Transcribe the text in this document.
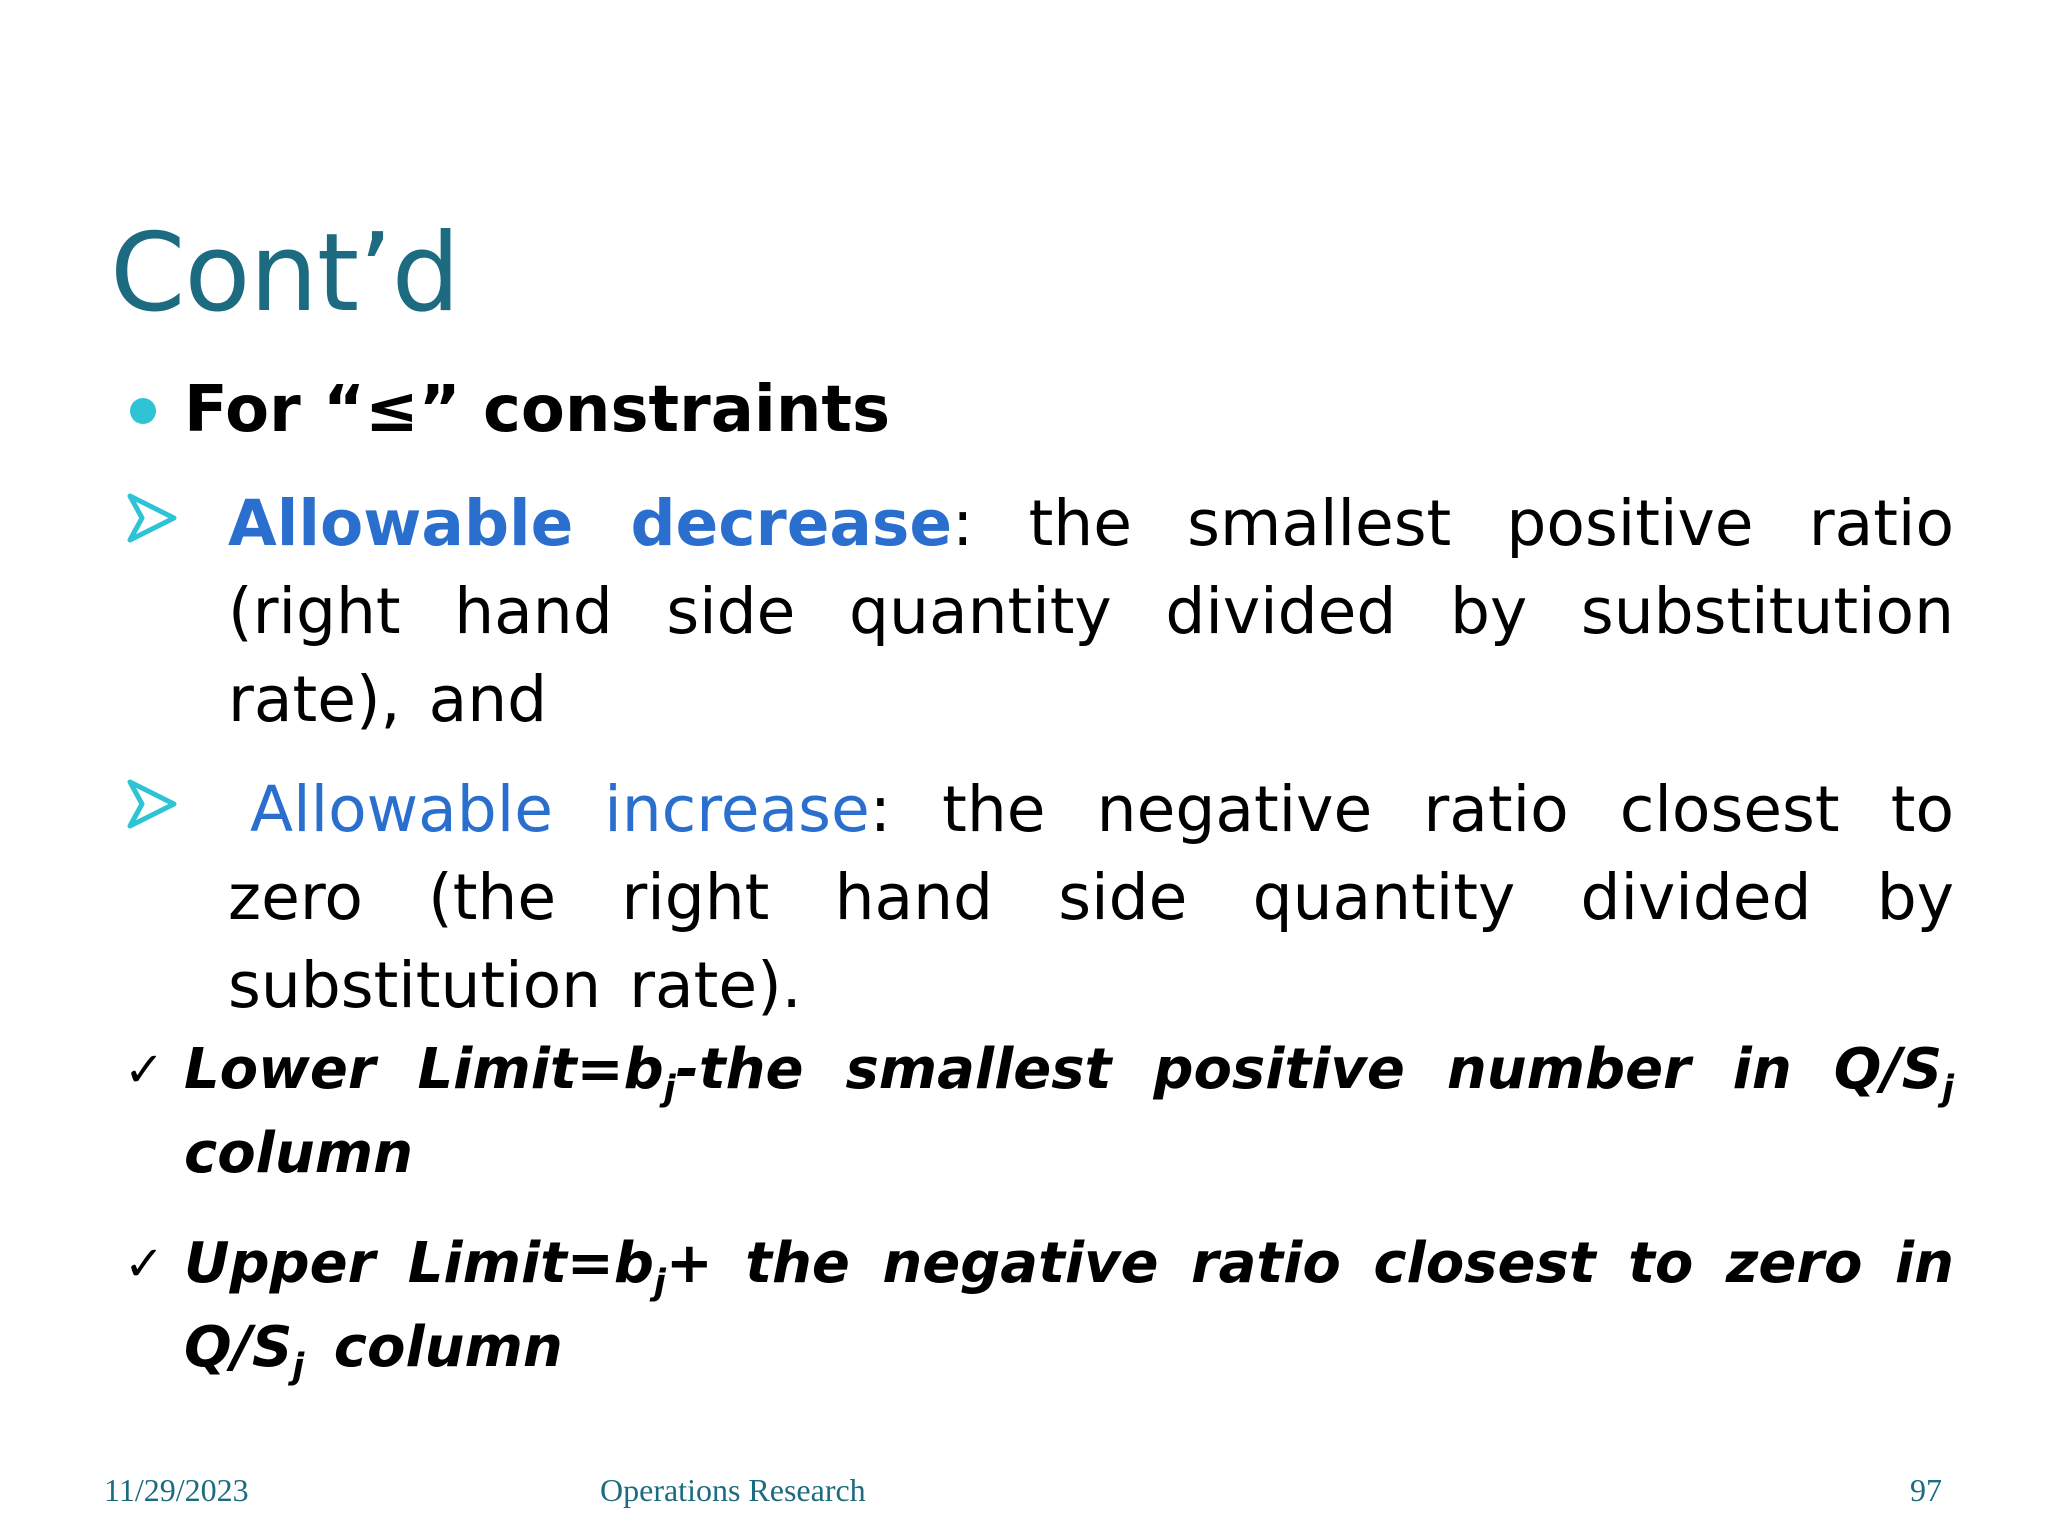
Cont’d
For “≤” constraints
Allowable decrease: the smallest positive ratio (right hand side quantity divided by substitution rate), and
Allowable increase: the negative ratio closest to zero (the right hand side quantity divided by substitution rate).
✓ Lower $Limit=b_j$-the smallest positive number in $Q/S_j$ column
✓ Upper $Limit=b_j+$ the negative ratio closest to zero in $Q/S_j$ column
11/29/2023	Operations Research	97
